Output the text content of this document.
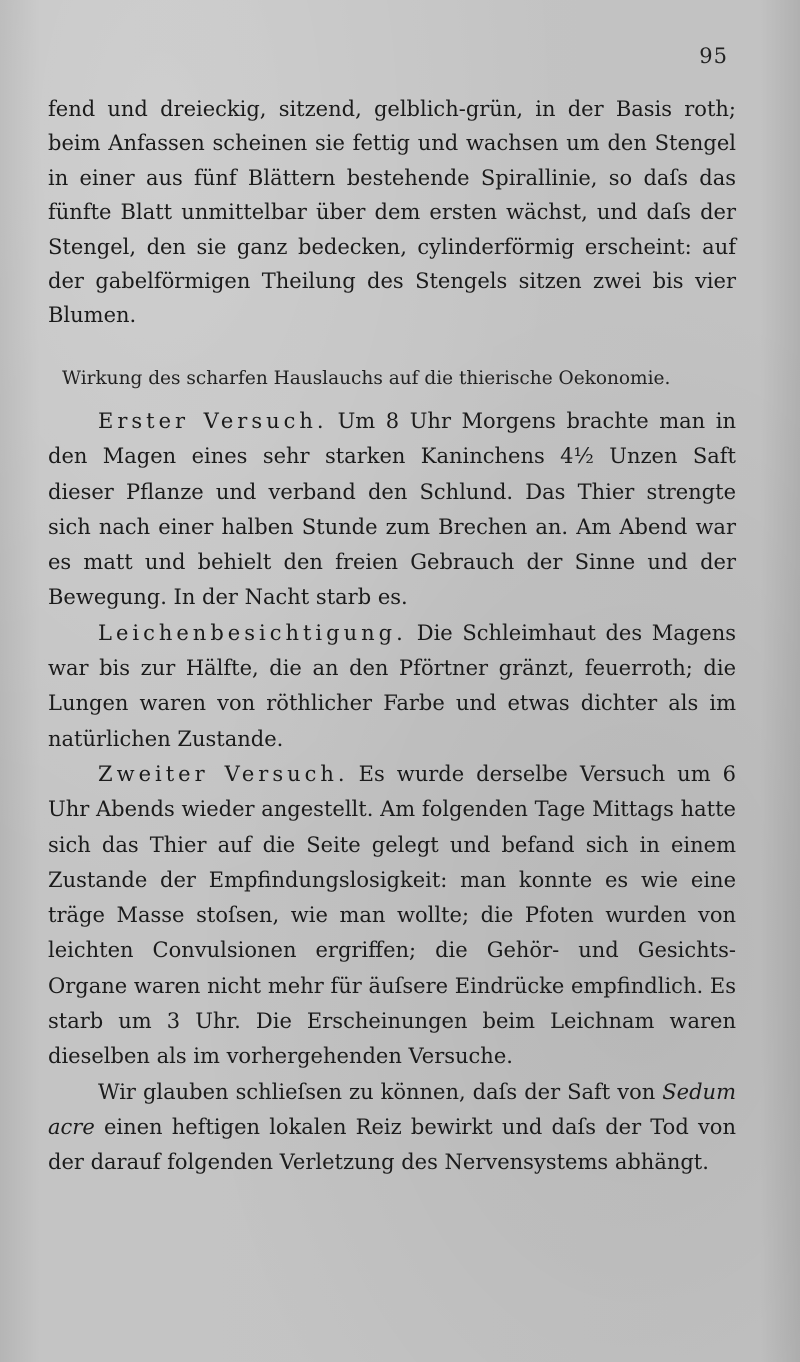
95
fend und dreieckig, sitzend, gelblich-grün, in der Basis roth; beim Anfassen scheinen sie fettig und wachsen um den Stengel in einer aus fünf Blättern bestehende Spirallinie, so daſs das fünfte Blatt unmittelbar über dem ersten wächst, und daſs der Stengel, den sie ganz bedecken, cylinderförmig erscheint: auf der gabelförmigen Theilung des Stengels sitzen zwei bis vier Blumen.
Wirkung des scharfen Hauslauchs auf die thierische Oekonomie.

Erster Versuch. Um 8 Uhr Morgens brachte man in den Magen eines sehr starken Kaninchens 4½ Unzen Saft dieser Pflanze und verband den Schlund. Das Thier strengte sich nach einer halben Stunde zum Brechen an. Am Abend war es matt und behielt den freien Gebrauch der Sinne und der Bewegung. In der Nacht starb es.

Leichenbesichtigung. Die Schleimhaut des Magens war bis zur Hälfte, die an den Pförtner gränzt, feuerroth; die Lungen waren von röthlicher Farbe und etwas dichter als im natürlichen Zustande.

Zweiter Versuch. Es wurde derselbe Versuch um 6 Uhr Abends wieder angestellt. Am folgenden Tage Mittags hatte sich das Thier auf die Seite gelegt und befand sich in einem Zustande der Empfindungslosigkeit: man konnte es wie eine träge Masse stoſsen, wie man wollte; die Pfoten wurden von leichten Convulsionen ergriffen; die Gehör- und Gesichts-Organe waren nicht mehr für äuſsere Eindrücke empfindlich. Es starb um 3 Uhr. Die Erscheinungen beim Leichnam waren dieselben als im vorhergehenden Versuche.

Wir glauben schlieſsen zu können, daſs der Saft von Sedum acre einen heftigen lokalen Reiz bewirkt und daſs der Tod von der darauf folgenden Verletzung des Nervensystems abhängt.
